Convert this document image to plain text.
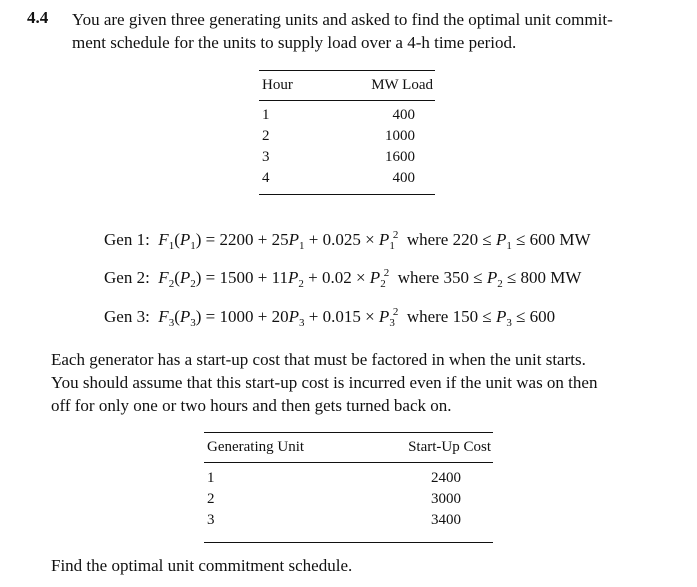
4.4 You are given three generating units and asked to find the optimal unit commit-
ment schedule for the units to supply load over a 4-h time period.
Hour	MW Load
1	400
2	1000
3	1600
4	400
Gen 1: $F_1(P_1) = 2200 + 25P_1 + 0.025 \times P_1^2$  where $220 \le P_1 \le 600$ MW
Gen 2: $F_2(P_2) = 1500 + 11P_2 + 0.02 \times P_2^2$  where $350 \le P_2 \le 800$ MW
Gen 3: $F_3(P_3) = 1000 + 20P_3 + 0.015 \times P_3^2$  where $150 \le P_3 \le 600$
Each generator has a start-up cost that must be factored in when the unit starts.
You should assume that this start-up cost is incurred even if the unit was on then
off for only one or two hours and then gets turned back on.
Generating Unit	Start-Up Cost
1	2400
2	3000
3	3400
Find the optimal unit commitment schedule.
